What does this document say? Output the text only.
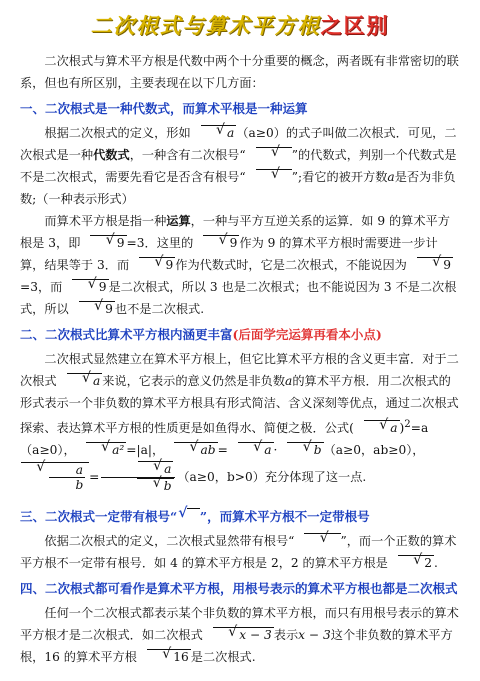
二次根式与算术平方根之区别

二次根式与算术平方根是代数中两个十分重要的概念，两者既有非常密切的联系，但也有所区别，主要表现在以下几方面：

一、二次根式是一种代数式，而算术平根是一种运算

根据二次根式的定义，形如	√ a （a≥0）的式子叫做二次根式．可见，二次根式是一种代数式，一种含有二次根号“ √	”的代数式，判别一个代数式是不是二次根式，需要先看它是否含有根号“ √	”;看它的被开方数a是否为非负数;（一种表示形式）

而算术平方根是指一种运算，一种与平方互逆关系的运算．如 9 的算术平方根是 3，即	√ 9 =3．这里的	√ 9 作为 9 的算术平方根时需要进一步计算，结果等于 3．而	√ 9 作为代数式时，它是二次根式，不能说因为	√ 9=3，而	√ 9 是二次根式，所以 3 也是二次根式；也不能说因为 3 不是二次根式，所以	√ 9 也不是二次根式.

二、二次根式比算术平方根内涵更丰富(后面学完运算再看本小点)

二次根式显然建立在算术平方根上，但它比算术平方根的含义更丰富．对于二次根式	√ a 来说，它表示的意义仍然是非负数a的算术平方根．用二次根式的形式表示一个非负数的算术平方根具有形式简洁、含义深刻等优点，通过二次根式探索、表达算术平方根的性质更是如鱼得水、简便之极．公式(	√ a )$^2$=a（a≥0），	√ a² =|a|，	√ ab =	√ a ·	√ b （a≥0，ab≥0），
√ $\frac{a}{b}$ = √ a
√ b （a≥0，b>0）充分体现了这一点.

三、二次根式一定带有根号“ √ ”，而算术平方根不一定带根号

依据二次根式的定义，二次根式显然带有根号“ √	”，而一个正数的算术平方根不一定带有根号．如 4 的算术平方根是 2，2 的算术平方根是	√ 2 .

四、二次根式都可看作是算术平方根，用根号表示的算术平方根也都是二次根式

任何一个二次根式都表示某个非负数的算术平方根，而只有用根号表示的算术平方根才是二次根式．如二次根式	√ x − 3 表示x − 3这个非负数的算术平方根，16 的算术平方根	√ 16 是二次根式.
